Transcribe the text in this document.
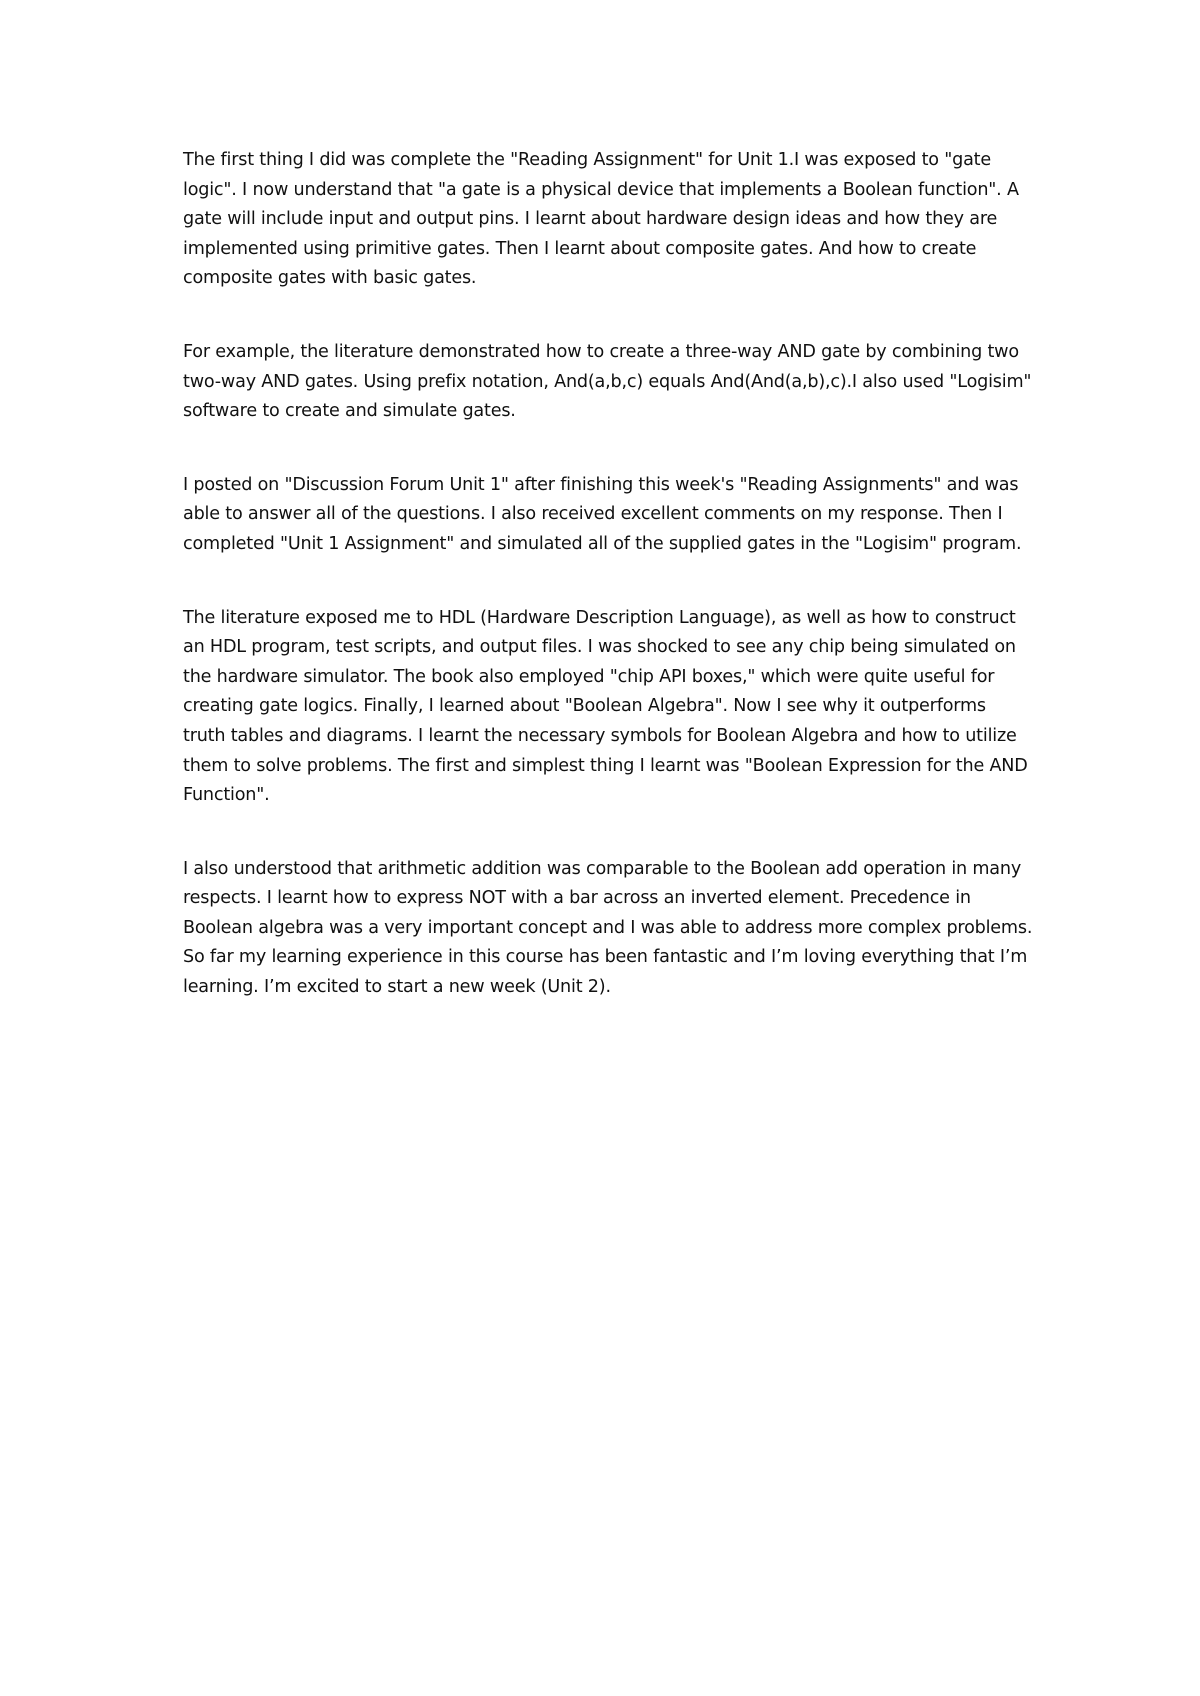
The first thing I did was complete the "Reading Assignment" for Unit 1.I was exposed to "gate logic". I now understand that "a gate is a physical device that implements a Boolean function". A gate will include input and output pins. I learnt about hardware design ideas and how they are implemented using primitive gates. Then I learnt about composite gates. And how to create composite gates with basic gates.

For example, the literature demonstrated how to create a three-way AND gate by combining two two-way AND gates. Using prefix notation, And(a,b,c) equals And(And(a,b),c).I also used "Logisim" software to create and simulate gates.

I posted on "Discussion Forum Unit 1" after finishing this week's "Reading Assignments" and was able to answer all of the questions. I also received excellent comments on my response. Then I completed "Unit 1 Assignment" and simulated all of the supplied gates in the "Logisim" program.

The literature exposed me to HDL (Hardware Description Language), as well as how to construct an HDL program, test scripts, and output files. I was shocked to see any chip being simulated on the hardware simulator. The book also employed "chip API boxes," which were quite useful for creating gate logics. Finally, I learned about "Boolean Algebra". Now I see why it outperforms truth tables and diagrams. I learnt the necessary symbols for Boolean Algebra and how to utilize them to solve problems. The first and simplest thing I learnt was "Boolean Expression for the AND Function".

I also understood that arithmetic addition was comparable to the Boolean add operation in many respects. I learnt how to express NOT with a bar across an inverted element. Precedence in Boolean algebra was a very important concept and I was able to address more complex problems. So far my learning experience in this course has been fantastic and I’m loving everything that I’m learning. I’m excited to start a new week (Unit 2).
